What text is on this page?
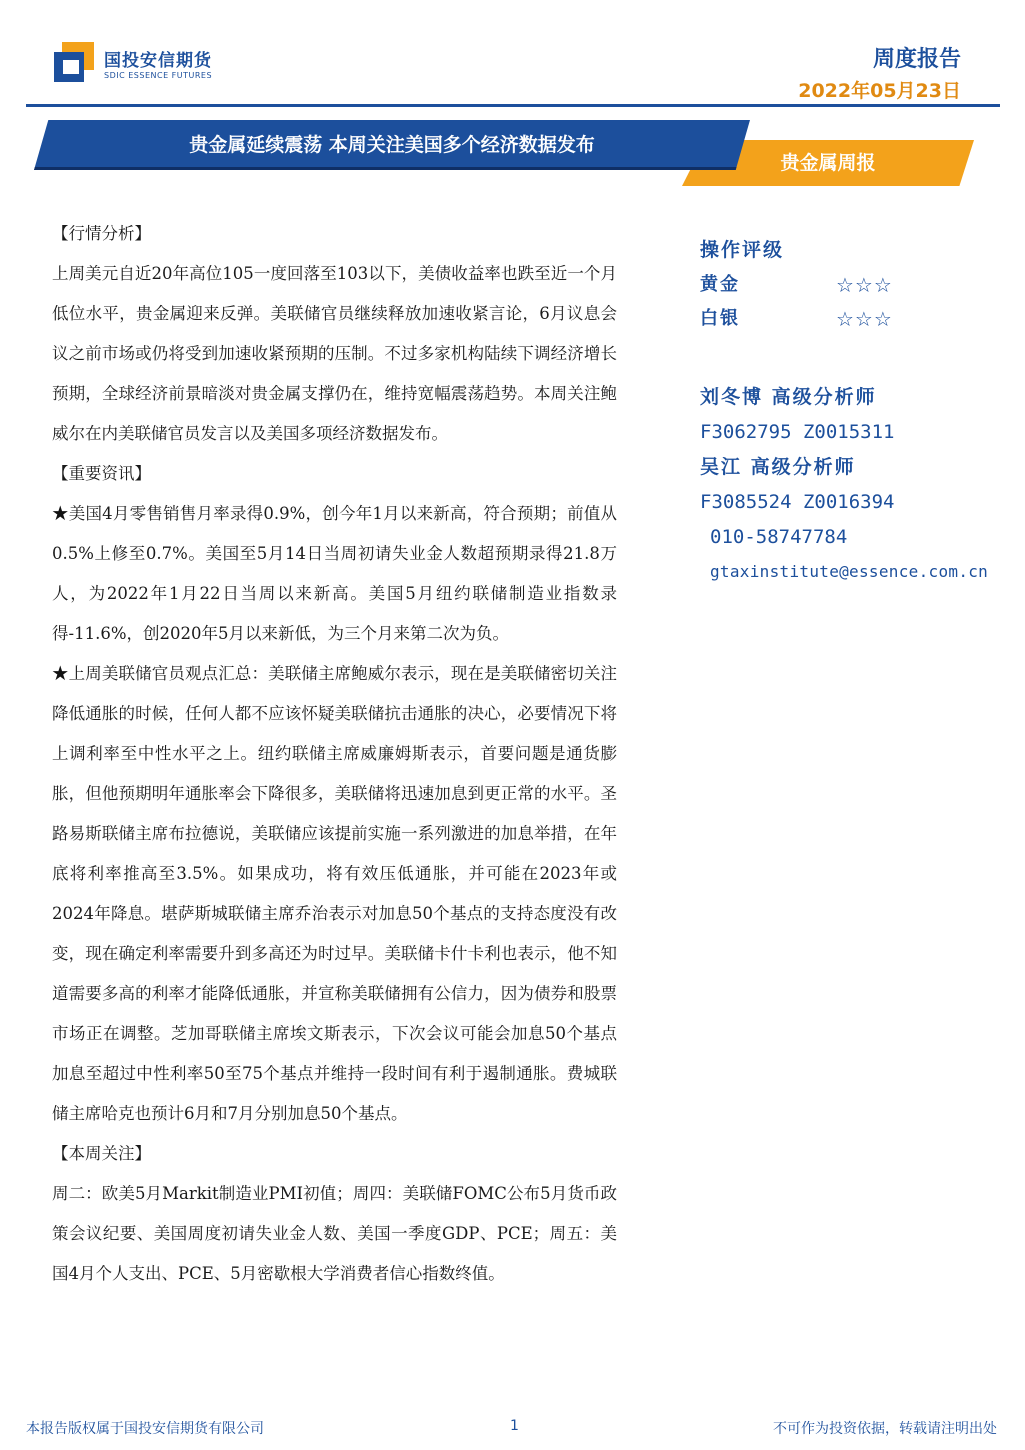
国投安信期货
SDIC ESSENCE FUTURES
周度报告
2022年05月23日
贵金属周报
贵金属延续震荡 本周关注美国多个经济数据发布
【行情分析】

上周美元自近20年高位105一度回落至103以下，美债收益率也跌至近一个月低位水平，贵金属迎来反弹。美联储官员继续释放加速收紧言论，6月议息会议之前市场或仍将受到加速收紧预期的压制。不过多家机构陆续下调经济增长预期，全球经济前景暗淡对贵金属支撑仍在，维持宽幅震荡趋势。本周关注鲍威尔在内美联储官员发言以及美国多项经济数据发布。

【重要资讯】

★美国4月零售销售月率录得0.9%，创今年1月以来新高，符合预期；前值从0.5%上修至0.7%。美国至5月14日当周初请失业金人数超预期录得21.8万人，为2022年1月22日当周以来新高。美国5月纽约联储制造业指数录得-11.6%，创2020年5月以来新低，为三个月来第二次为负。

★上周美联储官员观点汇总：美联储主席鲍威尔表示，现在是美联储密切关注降低通胀的时候，任何人都不应该怀疑美联储抗击通胀的决心，必要情况下将上调利率至中性水平之上。纽约联储主席威廉姆斯表示，首要问题是通货膨胀，但他预期明年通胀率会下降很多，美联储将迅速加息到更正常的水平。圣路易斯联储主席布拉德说，美联储应该提前实施一系列激进的加息举措，在年底将利率推高至3.5%。如果成功，将有效压低通胀，并可能在2023年或2024年降息。堪萨斯城联储主席乔治表示对加息50个基点的支持态度没有改变，现在确定利率需要升到多高还为时过早。美联储卡什卡利也表示，他不知道需要多高的利率才能降低通胀，并宣称美联储拥有公信力，因为债券和股票市场正在调整。芝加哥联储主席埃文斯表示，下次会议可能会加息50个基点加息至超过中性利率50至75个基点并维持一段时间有利于遏制通胀。费城联储主席哈克也预计6月和7月分别加息50个基点。

【本周关注】

周二：欧美5月Markit制造业PMI初值；周四：美联储FOMC公布5月货币政策会议纪要、美国周度初请失业金人数、美国一季度GDP、PCE；周五：美国4月个人支出、PCE、5月密歇根大学消费者信心指数终值。

操作评级
黄金	☆☆☆
白银	☆☆☆
刘冬博 高级分析师
F3062795 Z0015311
吴江 高级分析师
F3085524 Z0016394
010-58747784
gtaxinstitute@essence.com.cn
本报告版权属于国投安信期货有限公司	1	不可作为投资依据，转载请注明出处
